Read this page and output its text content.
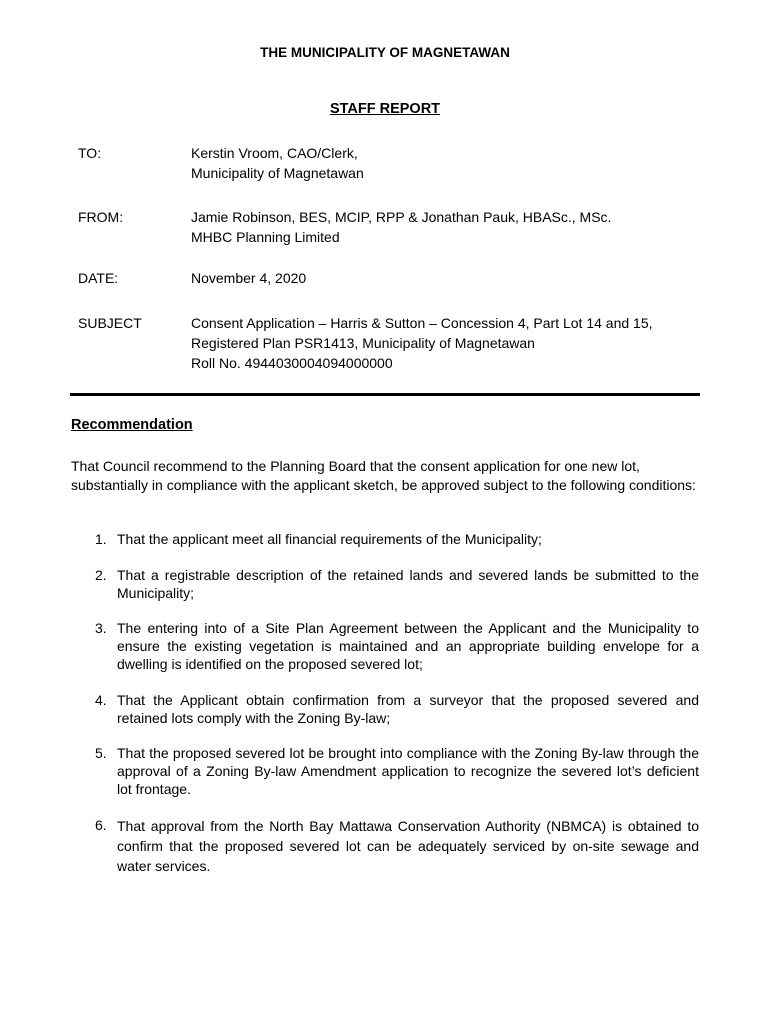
THE MUNICIPALITY OF MAGNETAWAN
STAFF REPORT
TO:	Kerstin Vroom, CAO/Clerk,
Municipality of Magnetawan
FROM:	Jamie Robinson, BES, MCIP, RPP & Jonathan Pauk, HBASc., MSc.
MHBC Planning Limited
DATE:	November 4, 2020
SUBJECT	Consent Application – Harris & Sutton – Concession 4, Part Lot 14 and 15,
Registered Plan PSR1413, Municipality of Magnetawan
Roll No. 4944030004094000000
Recommendation
That Council recommend to the Planning Board that the consent application for one new lot, substantially in compliance with the applicant sketch, be approved subject to the following conditions:
1. That the applicant meet all financial requirements of the Municipality;
2. That a registrable description of the retained lands and severed lands be submitted to the Municipality;
3. The entering into of a Site Plan Agreement between the Applicant and the Municipality to ensure the existing vegetation is maintained and an appropriate building envelope for a dwelling is identified on the proposed severed lot;
4. That the Applicant obtain confirmation from a surveyor that the proposed severed and retained lots comply with the Zoning By-law;
5. That the proposed severed lot be brought into compliance with the Zoning By-law through the approval of a Zoning By-law Amendment application to recognize the severed lot’s deficient lot frontage.
6. That approval from the North Bay Mattawa Conservation Authority (NBMCA) is obtained to confirm that the proposed severed lot can be adequately serviced by on-site sewage and water services.
